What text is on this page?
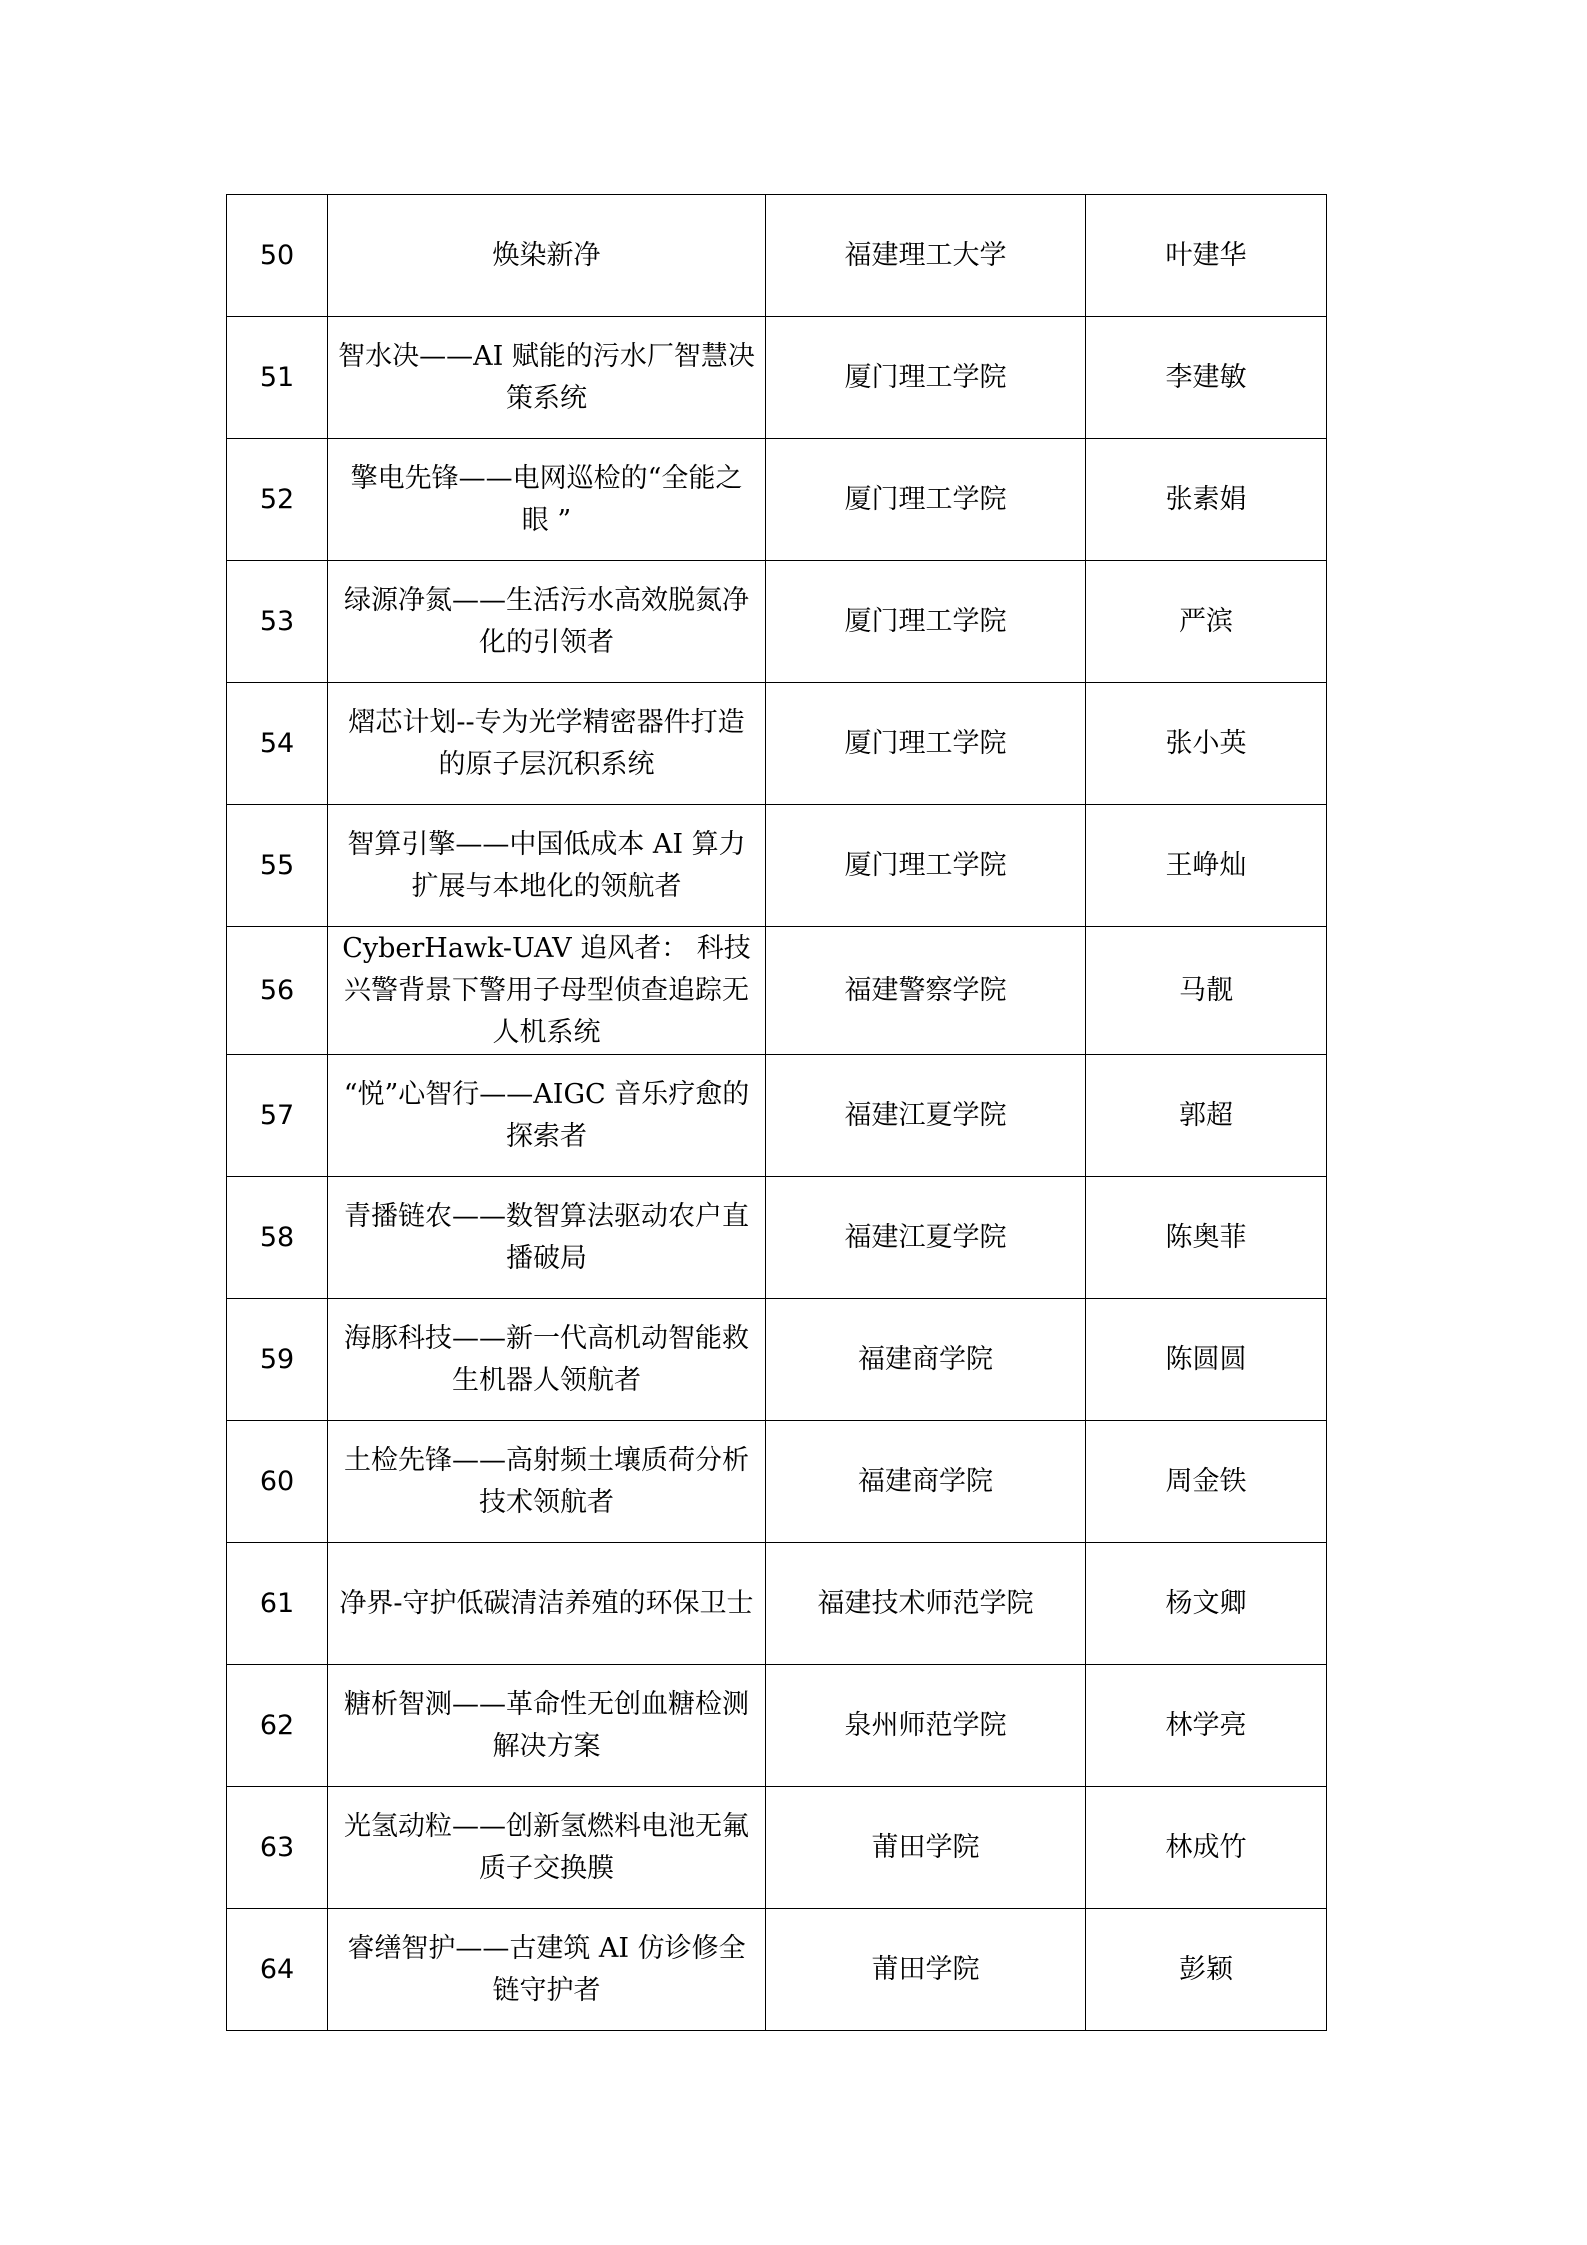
50	焕染新净	福建理工大学	叶建华
51	智水决——AI 赋能的污水厂智慧决策系统	厦门理工学院	李建敏
52	擎电先锋——电网巡检的“全能之眼 ”	厦门理工学院	张素娟
53	绿源净氮——生活污水高效脱氮净化的引领者	厦门理工学院	严滨
54	熠芯计划--专为光学精密器件打造的原子层沉积系统	厦门理工学院	张小英
55	智算引擎——中国低成本 AI 算力扩展与本地化的领航者	厦门理工学院	王峥灿
56	CyberHawk-UAV 追风者： 科技兴警背景下警用子母型侦查追踪无人机系统	福建警察学院	马靓
57	“悦”心智行——AIGC 音乐疗愈的探索者	福建江夏学院	郭超
58	青播链农——数智算法驱动农户直播破局	福建江夏学院	陈奥菲
59	海豚科技——新一代高机动智能救生机器人领航者	福建商学院	陈圆圆
60	土检先锋——高射频土壤质荷分析技术领航者	福建商学院	周金铁
61	净界-守护低碳清洁养殖的环保卫士	福建技术师范学院	杨文卿
62	糖析智测——革命性无创血糖检测解决方案	泉州师范学院	林学亮
63	光氢动粒——创新氢燃料电池无氟质子交换膜	莆田学院	林成竹
64	睿缮智护——古建筑 AI 仿诊修全链守护者	莆田学院	彭颖
